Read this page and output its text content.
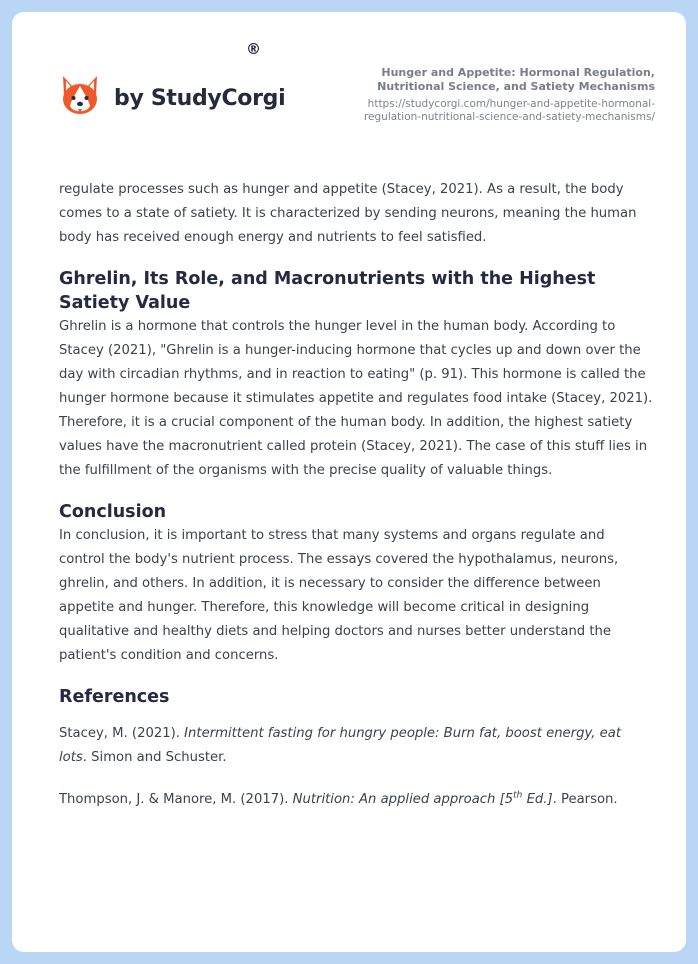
by StudyCorgi
®

Hunger and Appetite: Hormonal Regulation, Nutritional Science, and Satiety Mechanisms

https://studycorgi.com/hunger-and-appetite-hormonal-regulation-nutritional-science-and-satiety-mechanisms/

regulate processes such as hunger and appetite (Stacey, 2021). As a result, the body comes to a state of satiety. It is characterized by sending neurons, meaning the human body has received enough energy and nutrients to feel satisfied.

Ghrelin, Its Role, and Macronutrients with the Highest Satiety Value

Ghrelin is a hormone that controls the hunger level in the human body. According to Stacey (2021), "Ghrelin is a hunger-inducing hormone that cycles up and down over the day with circadian rhythms, and in reaction to eating" (p. 91). This hormone is called the hunger hormone because it stimulates appetite and regulates food intake (Stacey, 2021). Therefore, it is a crucial component of the human body. In addition, the highest satiety values have the macronutrient called protein (Stacey, 2021). The case of this stuff lies in the fulfillment of the organisms with the precise quality of valuable things.

Conclusion

In conclusion, it is important to stress that many systems and organs regulate and control the body's nutrient process. The essays covered the hypothalamus, neurons, ghrelin, and others. In addition, it is necessary to consider the difference between appetite and hunger. Therefore, this knowledge will become critical in designing qualitative and healthy diets and helping doctors and nurses better understand the patient's condition and concerns.

References

Stacey, M. (2021). Intermittent fasting for hungry people: Burn fat, boost energy, eat lots. Simon and Schuster.

Thompson, J. & Manore, M. (2017). Nutrition: An applied approach [5th Ed.]. Pearson.
